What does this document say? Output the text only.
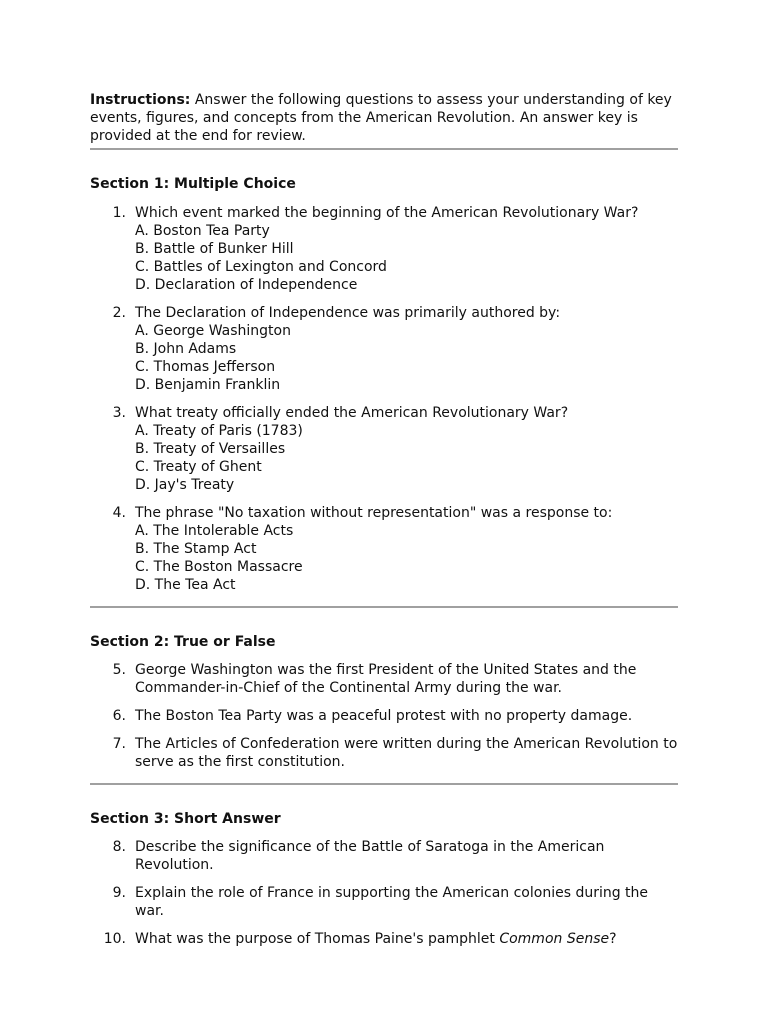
Instructions: Answer the following questions to assess your understanding of key events, figures, and concepts from the American Revolution. An answer key is provided at the end for review.

Section 1: Multiple Choice

1. Which event marked the beginning of the American Revolutionary War?
A. Boston Tea Party
B. Battle of Bunker Hill
C. Battles of Lexington and Concord
D. Declaration of Independence
2. The Declaration of Independence was primarily authored by:
A. George Washington
B. John Adams
C. Thomas Jefferson
D. Benjamin Franklin
3. What treaty officially ended the American Revolutionary War?
A. Treaty of Paris (1783)
B. Treaty of Versailles
C. Treaty of Ghent
D. Jay's Treaty
4. The phrase "No taxation without representation" was a response to:
A. The Intolerable Acts
B. The Stamp Act
C. The Boston Massacre
D. The Tea Act

Section 2: True or False

5. George Washington was the first President of the United States and the Commander-in-Chief of the Continental Army during the war.
6. The Boston Tea Party was a peaceful protest with no property damage.
7. The Articles of Confederation were written during the American Revolution to serve as the first constitution.

Section 3: Short Answer

8. Describe the significance of the Battle of Saratoga in the American Revolution.
9. Explain the role of France in supporting the American colonies during the war.
10. What was the purpose of Thomas Paine's pamphlet Common Sense?
